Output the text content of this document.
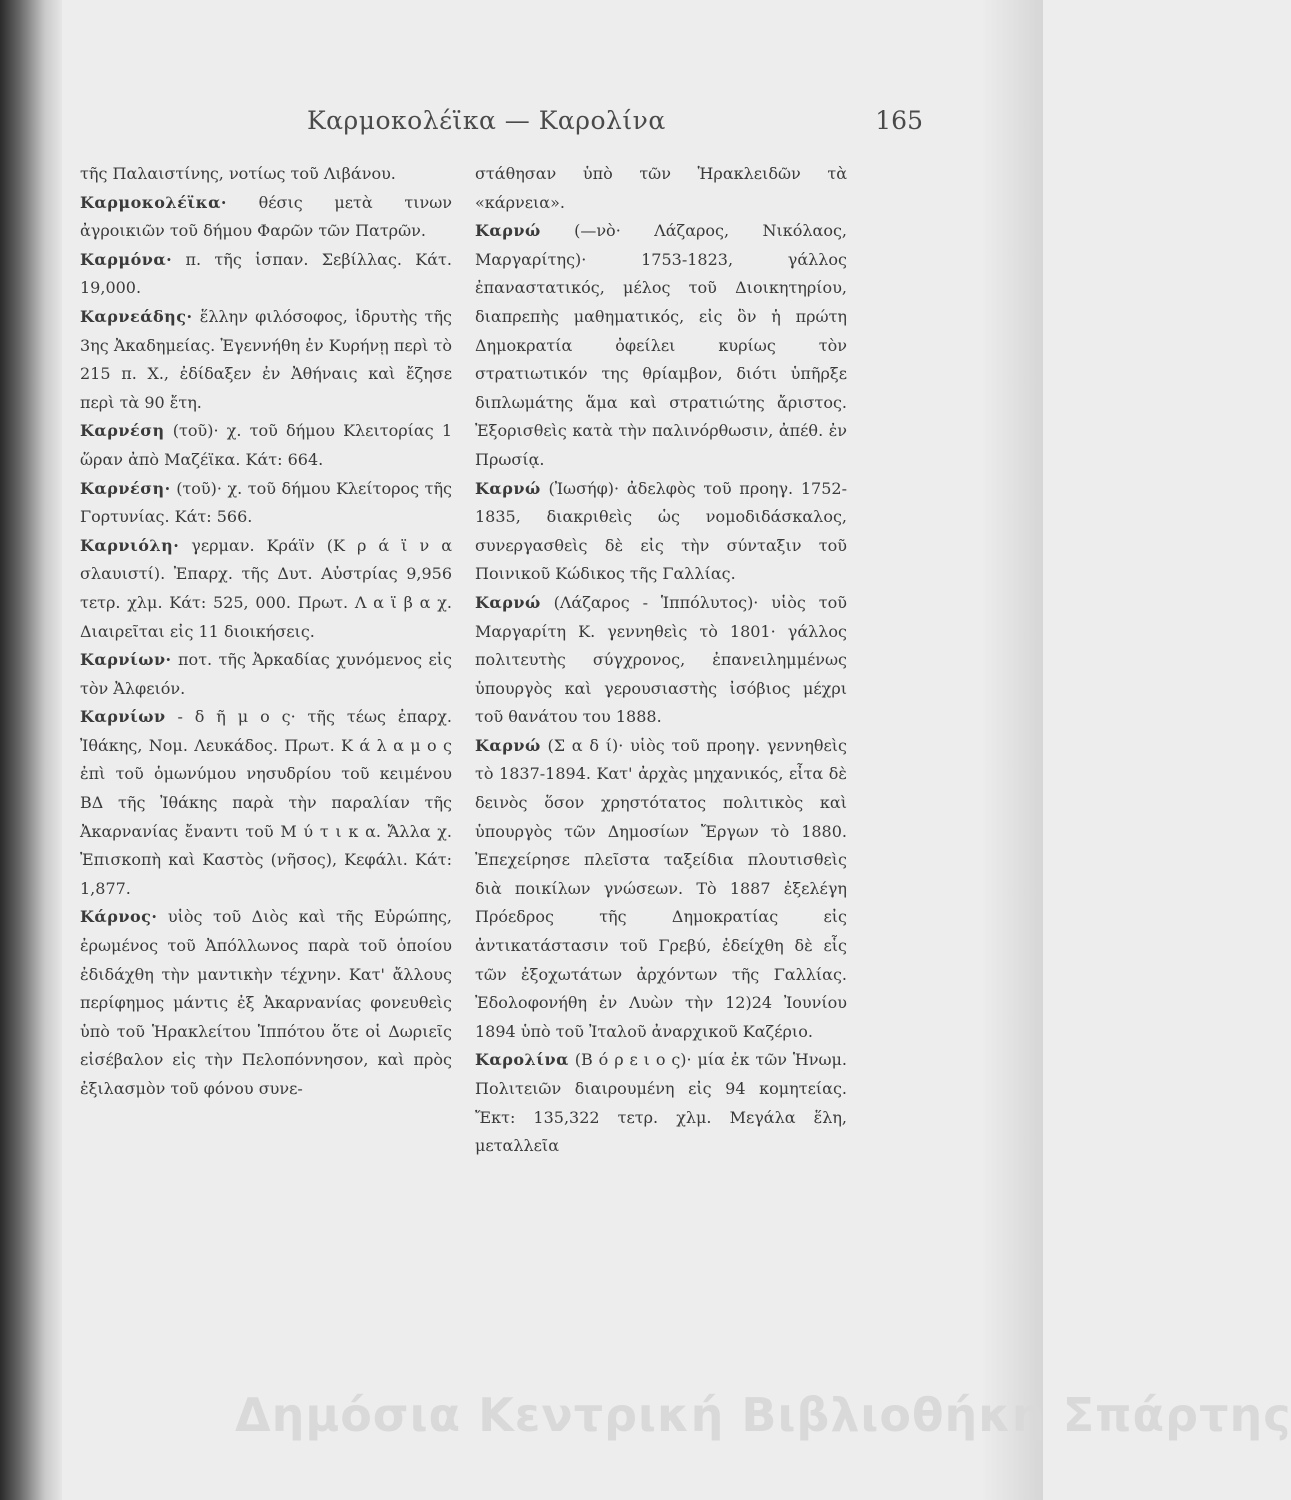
Καρμοκολέϊκα — Καρολίνα	165

τῆς Παλαιστίνης, νοτίως τοῦ Λιβάνου.

Καρμοκολέϊκα· θέσις μετὰ τινων ἀγροικιῶν τοῦ δήμου Φαρῶν τῶν Πατρῶν.

Καρμόνα· π. τῆς ἱσπαν. Σεβίλλας. Κάτ. 19,000.

Καρνεάδης· ἕλλην φιλόσοφος, ἱδρυτὴς τῆς 3ης Ἀκαδημείας. Ἐγεννήθη ἐν Κυρήνῃ περὶ τὸ 215 π. Χ., ἐδίδαξεν ἐν Ἀθήναις καὶ ἔζησε περὶ τὰ 90 ἔτη.

Καρνέση (τοῦ)· χ. τοῦ δήμου Κλειτορίας 1 ὥραν ἀπὸ Μαζέϊκα. Κάτ: 664.

Καρνέση· (τοῦ)· χ. τοῦ δήμου Κλείτορος τῆς Γορτυνίας. Κάτ: 566.

Καρνιόλη· γερμαν. Κράϊν (Κ ρ ά ϊ ν α σλαυιστί). Ἐπαρχ. τῆς Δυτ. Αὐστρίας 9,956 τετρ. χλμ. Κάτ: 525, 000. Πρωτ. Λ α ϊ β α χ. Διαιρεῖται εἰς 11 διοικήσεις.

Καρνίων· ποτ. τῆς Ἀρκαδίας χυνόμενος εἰς τὸν Ἀλφειόν.

Καρνίων - δ ῆ μ ο ς· τῆς τέως ἐπαρχ. Ἰθάκης, Νομ. Λευκάδος. Πρωτ. Κ ά λ α μ ο ς ἐπὶ τοῦ ὁμωνύμου νησυδρίου τοῦ κειμένου ΒΔ τῆς Ἰθάκης παρὰ τὴν παραλίαν τῆς Ἀκαρνανίας ἔναντι τοῦ Μ ύ τ ι κ α. Ἄλλα χ. Ἐπισκοπὴ καὶ Καστὸς (νῆσος), Κεφάλι. Κάτ: 1,877.

Κάρνος· υἱὸς τοῦ Διὸς καὶ τῆς Εὐρώπης, ἐρωμένος τοῦ Ἀπόλλωνος παρὰ τοῦ ὁποίου ἐδιδάχθη τὴν μαντικὴν τέχνην. Κατ' ἄλλους περίφημος μάντις ἐξ Ἀκαρνανίας φονευθεὶς ὑπὸ τοῦ Ἡρακλείτου Ἱππότου ὅτε οἱ Δωριεῖς εἰσέβαλον εἰς τὴν Πελοπόννησον, καὶ πρὸς ἐξιλασμὸν τοῦ φόνου συνε-

στάθησαν ὑπὸ τῶν Ἡρακλειδῶν τὰ «κάρνεια».

Καρνώ (—νὸ· Λάζαρος, Νικόλαος, Μαργαρίτης)· 1753-1823, γάλλος ἐπαναστατικός, μέλος τοῦ Διοικητηρίου, διαπρεπὴς μαθηματικός, εἰς ὃν ἡ πρώτη Δημοκρατία ὀφείλει κυρίως τὸν στρατιωτικόν της θρίαμβον, διότι ὑπῆρξε διπλωμάτης ἅμα καὶ στρατιώτης ἄριστος. Ἐξορισθεὶς κατὰ τὴν παλινόρθωσιν, ἀπέθ. ἐν Πρωσίᾳ.

Καρνώ (Ἰωσήφ)· ἀδελφὸς τοῦ προηγ. 1752-1835, διακριθεὶς ὡς νομοδιδάσκαλος, συνεργασθεὶς δὲ εἰς τὴν σύνταξιν τοῦ Ποινικοῦ Κώδικος τῆς Γαλλίας.

Καρνώ (Λάζαρος - Ἱππόλυτος)· υἱὸς τοῦ Μαργαρίτη Κ. γεννηθεὶς τὸ 1801· γάλλος πολιτευτὴς σύγχρονος, ἐπανειλημμένως ὑπουργὸς καὶ γερουσιαστὴς ἰσόβιος μέχρι τοῦ θανάτου του 1888.

Καρνώ (Σ α δ ί)· υἱὸς τοῦ προηγ. γεννηθεὶς τὸ 1837-1894. Κατ' ἀρχὰς μηχανικός, εἶτα δὲ δεινὸς ὅσον χρηστότατος πολιτικὸς καὶ ὑπουργὸς τῶν Δημοσίων Ἔργων τὸ 1880. Ἐπεχείρησε πλεῖστα ταξείδια πλουτισθεὶς διὰ ποικίλων γνώσεων. Τὸ 1887 ἐξελέγη Πρόεδρος τῆς Δημοκρατίας εἰς ἀντικατάστασιν τοῦ Γρεβύ, ἐδείχθη δὲ εἷς τῶν ἐξοχωτάτων ἀρχόντων τῆς Γαλλίας. Ἐδολοφονήθη ἐν Λυὼν τὴν 12)24 Ἰουνίου 1894 ὑπὸ τοῦ Ἰταλοῦ ἀναρχικοῦ Καζέριο.

Καρολίνα (Β ό ρ ε ι ο ς)· μία ἐκ τῶν Ἡνωμ. Πολιτειῶν διαιρουμένη εἰς 94 κομητείας. Ἔκτ: 135,322 τετρ. χλμ. Μεγάλα ἕλη, μεταλλεῖα

Δημόσια Κεντρική Βιβλιοθήκη Σπάρτης
